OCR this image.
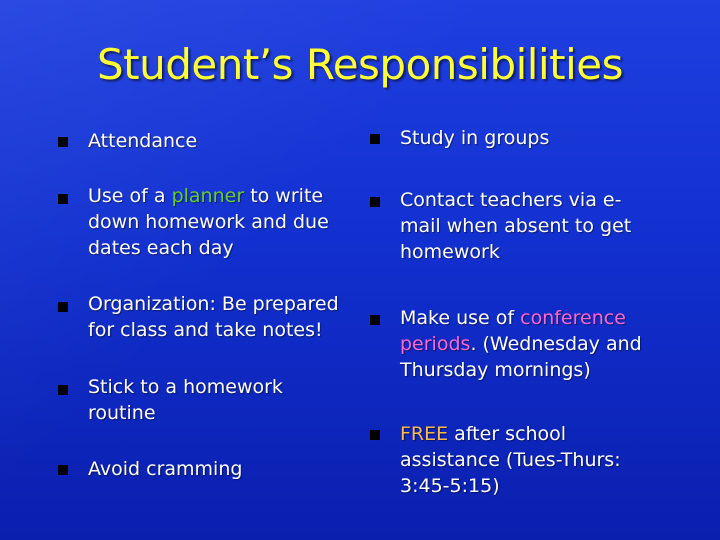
Student’s Responsibilities
Attendance
Use of a planner to write down homework and due dates each day
Organization: Be prepared for class and take notes!
Stick to a homework routine
Avoid cramming
Study in groups
Contact teachers via e-mail when absent to get homework
Make use of conference periods. (Wednesday and Thursday mornings)
FREE after school assistance (Tues-Thurs: 3:45-5:15)
